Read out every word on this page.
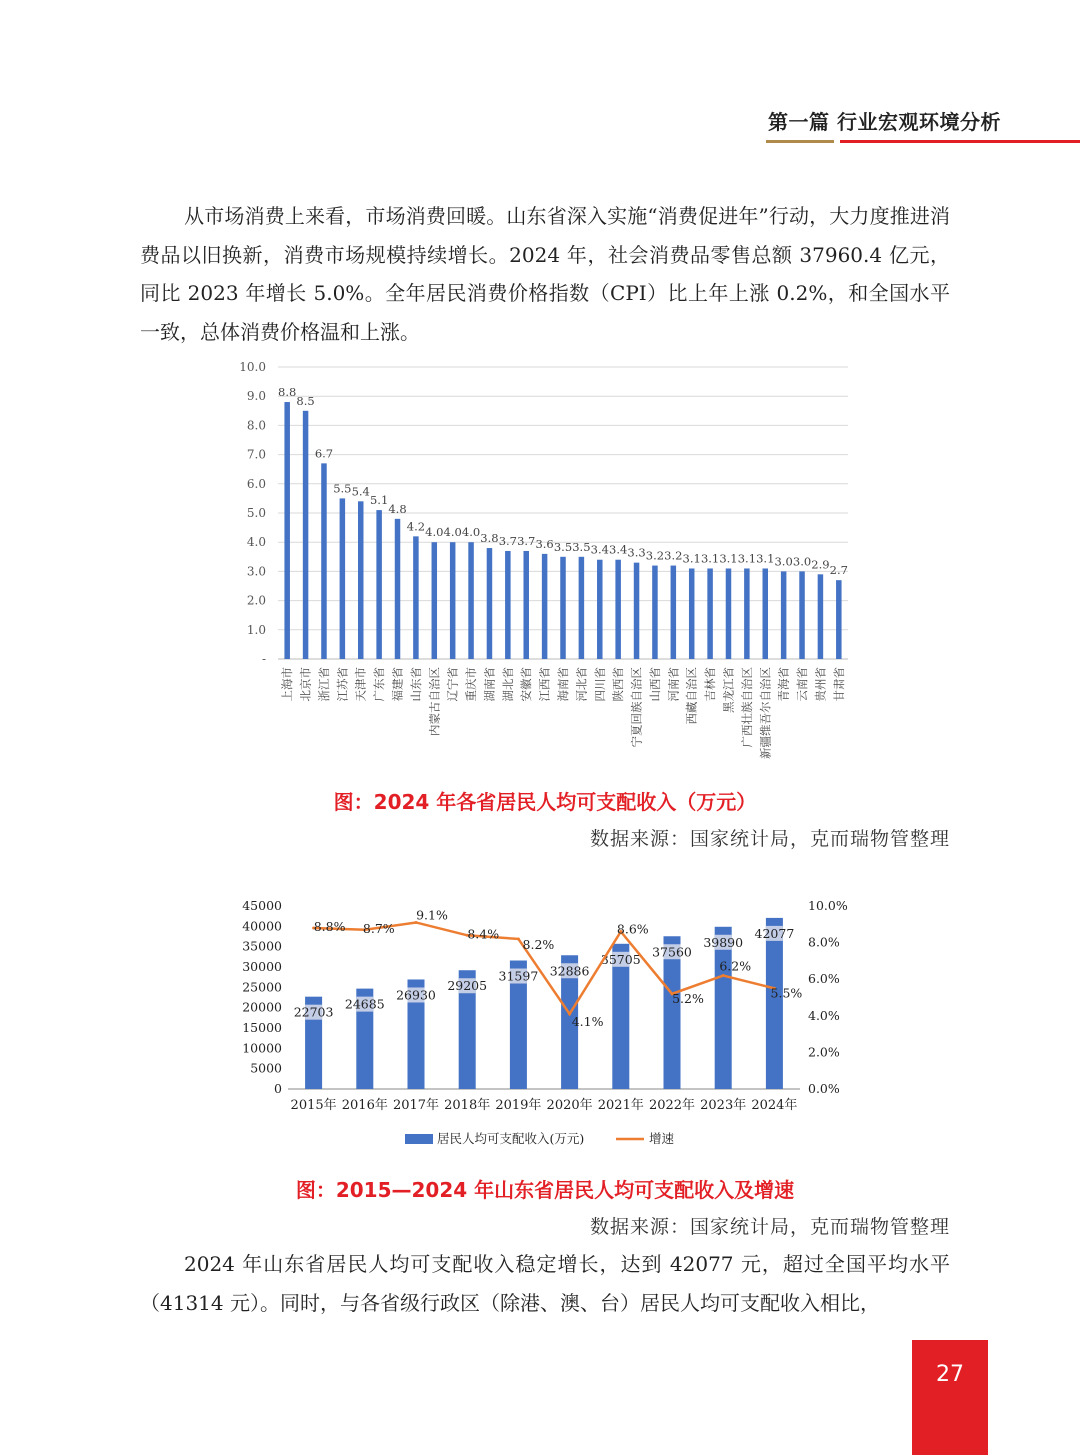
第一篇 行业宏观环境分析
从市场消费上来看，市场消费回暖。山东省深入实施“消费促进年”行动，大力度推进消费品以旧换新，消费市场规模持续增长。2024 年，社会消费品零售总额 37960.4 亿元，同比 2023 年增长 5.0%。全年居民消费价格指数（CPI）比上年上涨 0.2%，和全国水平一致，总体消费价格温和上涨。
-
1.0
2.0
3.0
4.0
5.0
6.0
7.0
8.0
9.0
10.0
8.8
上海市
8.5
北京市
6.7
浙江省
5.5
江苏省
5.4
天津市
5.1
广东省
4.8
福建省
4.2
山东省
4.0
内蒙古自治区
4.0
辽宁省
4.0
重庆市
3.8
湖南省
3.7
湖北省
3.7
安徽省
3.6
江西省
3.5
海南省
3.5
河北省
3.4
四川省
3.4
陕西省
3.3
宁夏回族自治区
3.2
山西省
3.2
河南省
3.1
西藏自治区
3.1
吉林省
3.1
黑龙江省
3.1
广西壮族自治区
3.1
新疆维吾尔自治区
3.0
青海省
3.0
云南省
2.9
贵州省
2.7
甘肃省
图：2024 年各省居民人均可支配收入（万元）
数据来源：国家统计局，克而瑞物管整理
0
5000
10000
15000
20000
25000
30000
35000
40000
45000
0.0%
2.0%
4.0%
6.0%
8.0%
10.0%
22703
2015年
24685
2016年
26930
2017年
29205
2018年
31597
2019年
32886
2020年
35705
2021年
37560
2022年
39890
2023年
42077
2024年
8.8% 8.7%
9.1%
8.4%
8.2%
4.1%
8.6%
5.2%
6.2%
5.5%
居民人均可支配收入(万元)	增速
图：2015—2024 年山东省居民人均可支配收入及增速
数据来源：国家统计局，克而瑞物管整理
2024 年山东省居民人均可支配收入稳定增长，达到 42077 元，超过全国平均水平（41314 元）。同时，与各省级行政区（除港、澳、台）居民人均可支配收入相比，
27
